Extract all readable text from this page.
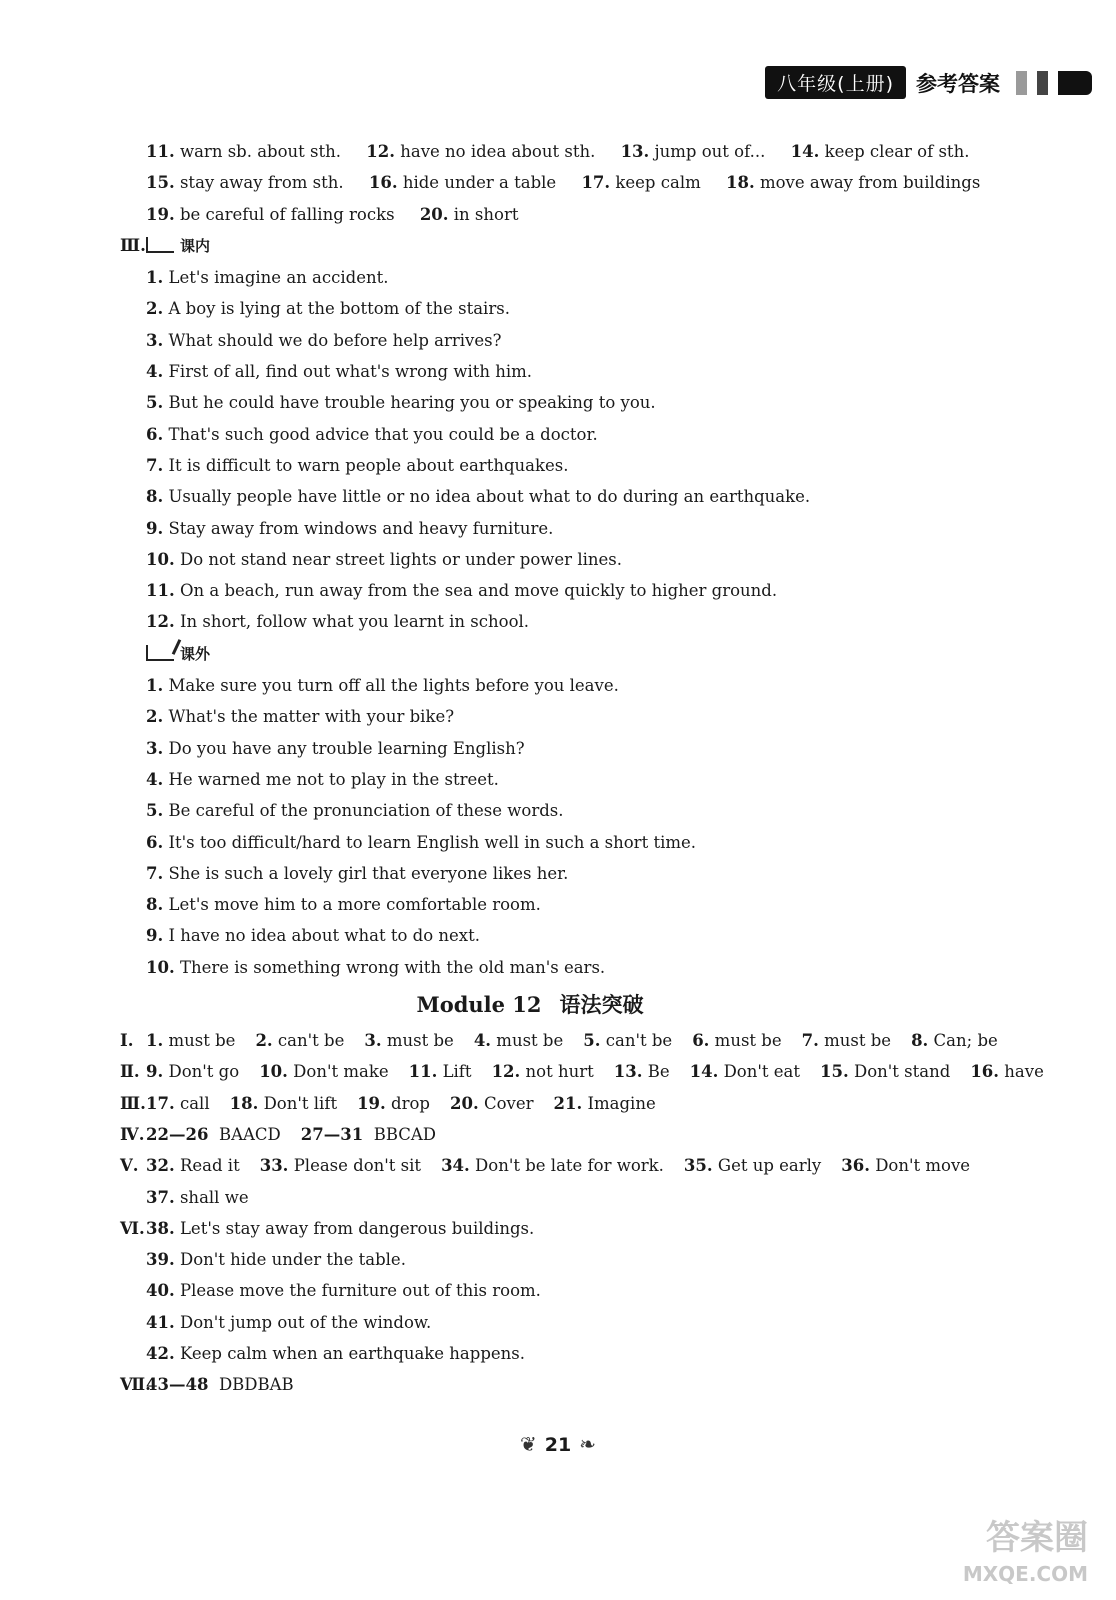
八年级(上册)	参考答案
11. warn sb. about sth. 12. have no idea about sth. 13. jump out of... 14. keep clear of sth.
15. stay away from sth. 16. hide under a table 17. keep calm 18. move away from buildings
19. be careful of falling rocks 20. in short
Ⅲ. 课内
1. Let's imagine an accident.
2. A boy is lying at the bottom of the stairs.
3. What should we do before help arrives?
4. First of all, find out what's wrong with him.
5. But he could have trouble hearing you or speaking to you.
6. That's such good advice that you could be a doctor.
7. It is difficult to warn people about earthquakes.
8. Usually people have little or no idea about what to do during an earthquake.
9. Stay away from windows and heavy furniture.
10. Do not stand near street lights or under power lines.
11. On a beach, run away from the sea and move quickly to higher ground.
12. In short, follow what you learnt in school.
课外
1. Make sure you turn off all the lights before you leave.
2. What's the matter with your bike?
3. Do you have any trouble learning English?
4. He warned me not to play in the street.
5. Be careful of the pronunciation of these words.
6. It's too difficult/hard to learn English well in such a short time.
7. She is such a lovely girl that everyone likes her.
8. Let's move him to a more comfortable room.
9. I have no idea about what to do next.
10. There is something wrong with the old man's ears.
Module 12 语法突破
Ⅰ. 1. must be 2. can't be 3. must be 4. must be 5. can't be 6. must be 7. must be 8. Can; be
Ⅱ. 9. Don't go 10. Don't make 11. Lift 12. not hurt 13. Be 14. Don't eat 15. Don't stand 16. have
Ⅲ.17. call 18. Don't lift 19. drop 20. Cover 21. Imagine
Ⅳ.22—26 BAACD 27—31 BBCAD
Ⅴ. 32. Read it 33. Please don't sit 34. Don't be late for work. 35. Get up early 36. Don't move
37. shall we
Ⅵ.38. Let's stay away from dangerous buildings.
39. Don't hide under the table.
40. Please move the furniture out of this room.
41. Don't jump out of the window.
42. Keep calm when an earthquake happens.
Ⅶ.43—48 DBDBAB
❦ 21 ❧
答案圈
MXQE.COM
